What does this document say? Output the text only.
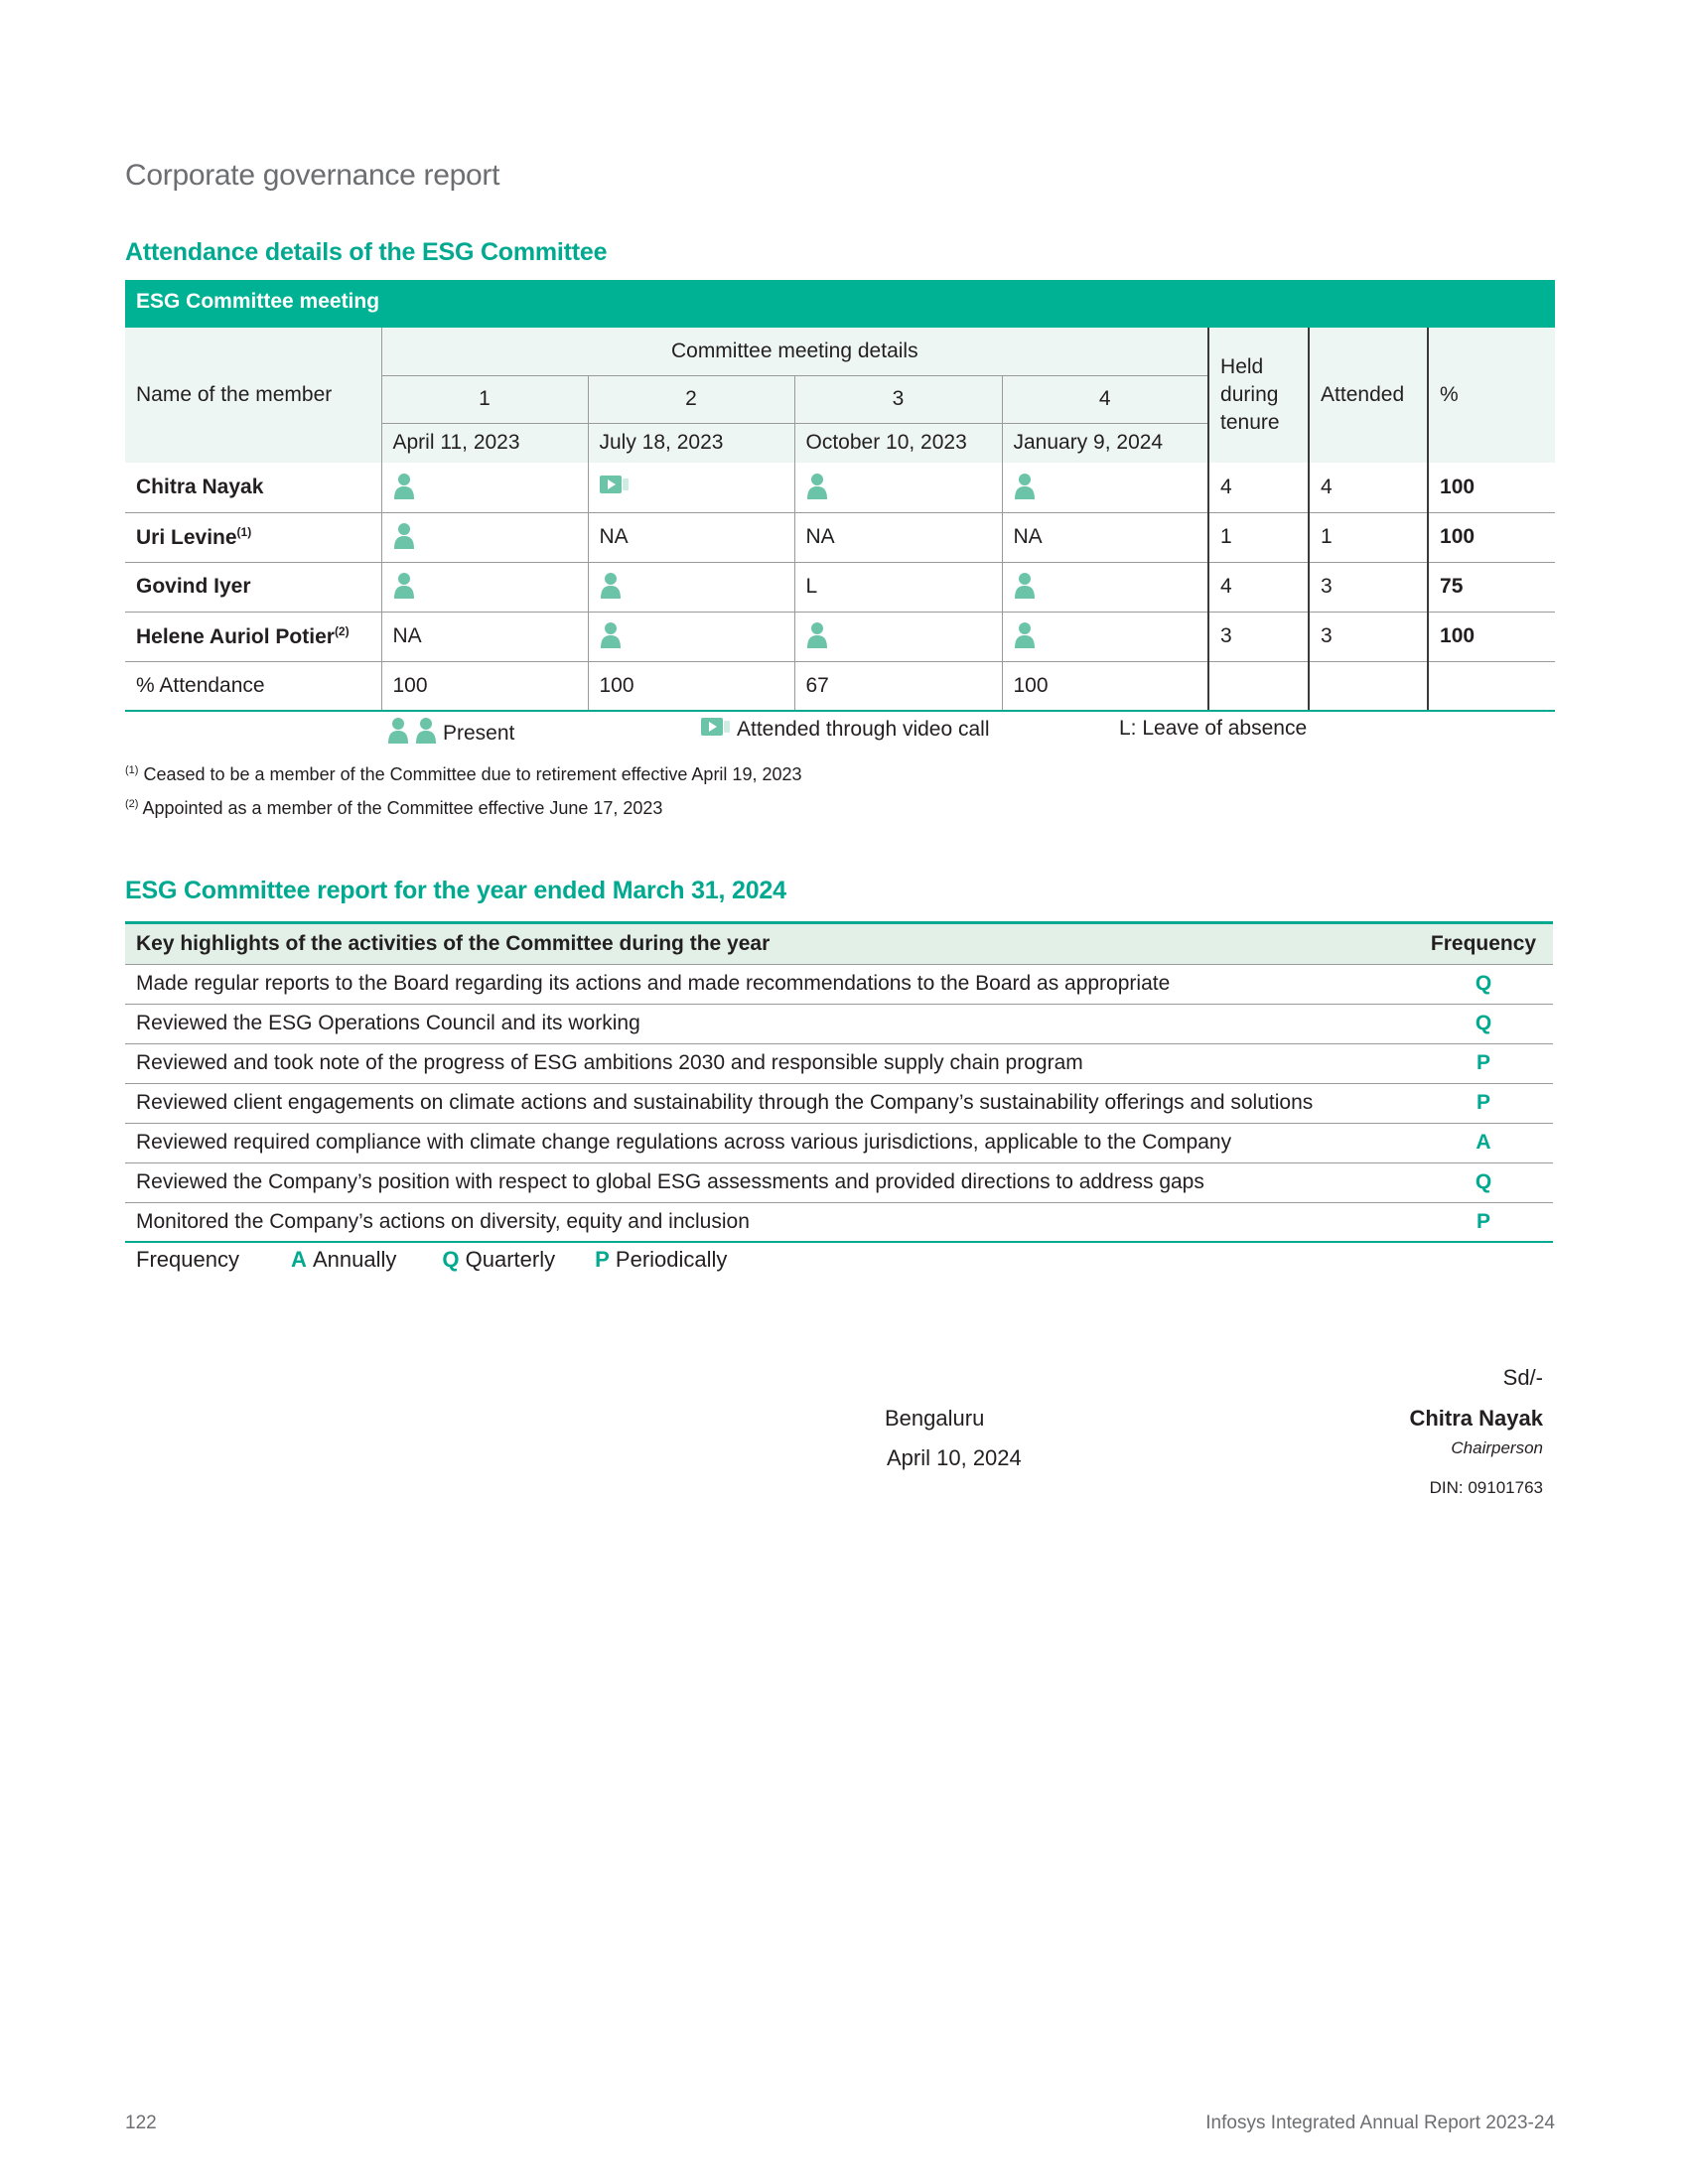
Corporate governance report
Attendance details of the ESG Committee
ESG Committee meeting
Name of the member	Committee meeting details				Held during tenure	Attended	%
	1	2	3	4			
	April 11, 2023	July 18, 2023	October 10, 2023	January 9, 2024			
Chitra Nayak					4	4	100
Uri Levine$^{(1)}$		NA	NA	NA	1	1	100
Govind Iyer			L		4	3	75
Helene Auriol Potier$^{(2)}$	NA				3	3	100
% Attendance	100	100	67	100			
Present	Attended through video call	L: Leave of absence
$^{(1)}$ Ceased to be a member of the Committee due to retirement effective April 19, 2023
$^{(2)}$ Appointed as a member of the Committee effective June 17, 2023
ESG Committee report for the year ended March 31, 2024
Key highlights of the activities of the Committee during the year	Frequency
Made regular reports to the Board regarding its actions and made recommendations to the Board as appropriate	Q
Reviewed the ESG Operations Council and its working	Q
Reviewed and took note of the progress of ESG ambitions 2030 and responsible supply chain program	P
Reviewed client engagements on climate actions and sustainability through the Company’s sustainability offerings and solutions	P
Reviewed required compliance with climate change regulations across various jurisdictions, applicable to the Company	A
Reviewed the Company’s position with respect to global ESG assessments and provided directions to address gaps	Q
Monitored the Company’s actions on diversity, equity and inclusion	P
Frequency A
Annually Q
Quarterly P
Periodically
Sd/-
Bengaluru
April 10, 2024
Chitra Nayak
Chairperson
DIN: 09101763
122	Infosys Integrated Annual Report 2023-24
